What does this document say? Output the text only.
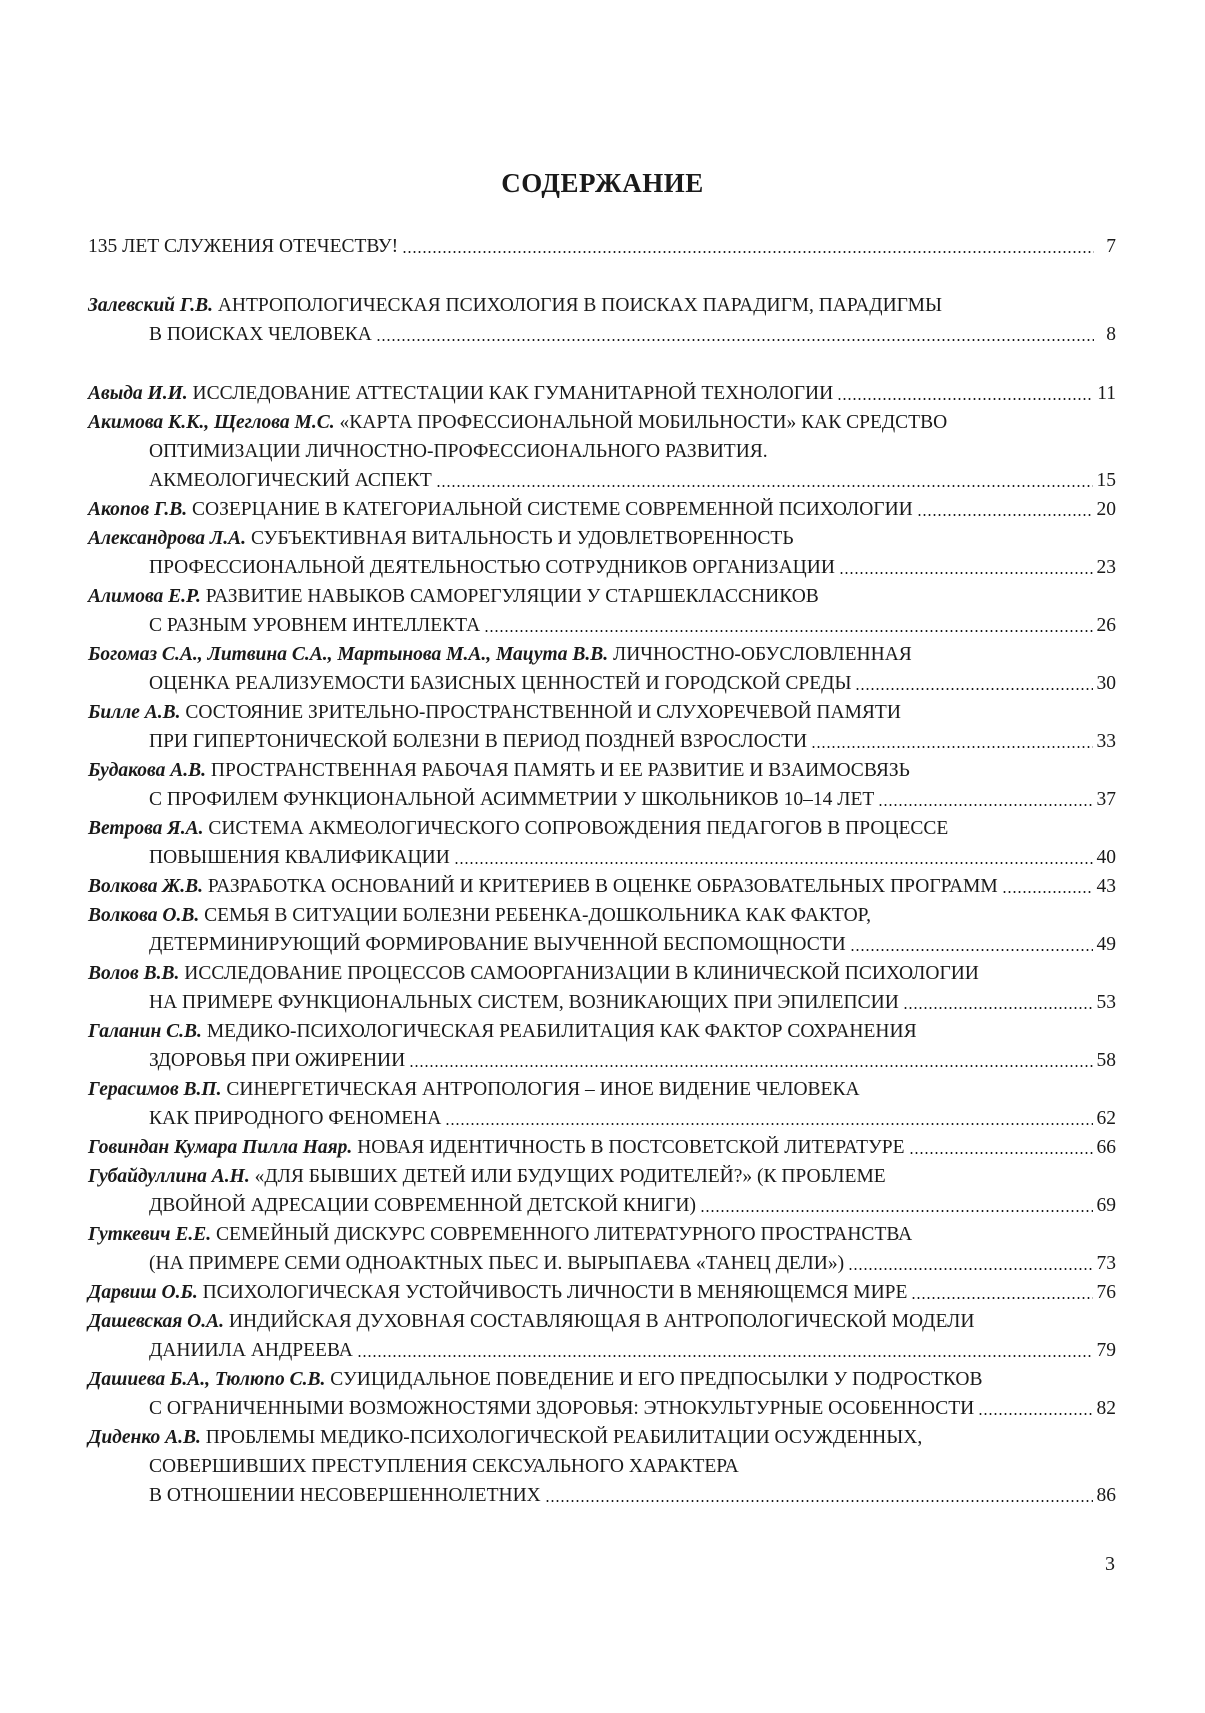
СОДЕРЖАНИЕ
135 ЛЕТ СЛУЖЕНИЯ ОТЕЧЕСТВУ!	7
Залевский Г.В. АНТРОПОЛОГИЧЕСКАЯ ПСИХОЛОГИЯ В ПОИСКАХ ПАРАДИГМ, ПАРАДИГМЫ
В ПОИСКАХ ЧЕЛОВЕКА	8
Авыда И.И. ИССЛЕДОВАНИЕ АТТЕСТАЦИИ КАК ГУМАНИТАРНОЙ ТЕХНОЛОГИИ	11
Акимова К.К., Щеглова М.С. «КАРТА ПРОФЕССИОНАЛЬНОЙ МОБИЛЬНОСТИ» КАК СРЕДСТВО
ОПТИМИЗАЦИИ ЛИЧНОСТНО-ПРОФЕССИОНАЛЬНОГО РАЗВИТИЯ.
АКМЕОЛОГИЧЕСКИЙ АСПЕКТ	15
Акопов Г.В. СОЗЕРЦАНИЕ В КАТЕГОРИАЛЬНОЙ СИСТЕМЕ СОВРЕМЕННОЙ ПСИХОЛОГИИ	20
Александрова Л.А. СУБЪЕКТИВНАЯ ВИТАЛЬНОСТЬ И УДОВЛЕТВОРЕННОСТЬ
ПРОФЕССИОНАЛЬНОЙ ДЕЯТЕЛЬНОСТЬЮ СОТРУДНИКОВ ОРГАНИЗАЦИИ	23
Алимова Е.Р. РАЗВИТИЕ НАВЫКОВ САМОРЕГУЛЯЦИИ У СТАРШЕКЛАССНИКОВ
С РАЗНЫМ УРОВНЕМ ИНТЕЛЛЕКТА	26
Богомаз С.А., Литвина С.А., Мартынова М.А., Мацута В.В. ЛИЧНОСТНО-ОБУСЛОВЛЕННАЯ
ОЦЕНКА РЕАЛИЗУЕМОСТИ БАЗИСНЫХ ЦЕННОСТЕЙ И ГОРОДСКОЙ СРЕДЫ	30
Билле А.В. СОСТОЯНИЕ ЗРИТЕЛЬНО-ПРОСТРАНСТВЕННОЙ И СЛУХОРЕЧЕВОЙ ПАМЯТИ
ПРИ ГИПЕРТОНИЧЕСКОЙ БОЛЕЗНИ В ПЕРИОД ПОЗДНЕЙ ВЗРОСЛОСТИ	33
Будакова А.В. ПРОСТРАНСТВЕННАЯ РАБОЧАЯ ПАМЯТЬ И ЕЕ РАЗВИТИЕ И ВЗАИМОСВЯЗЬ
С ПРОФИЛЕМ ФУНКЦИОНАЛЬНОЙ АСИММЕТРИИ У ШКОЛЬНИКОВ 10–14 ЛЕТ	37
Ветрова Я.А. СИСТЕМА АКМЕОЛОГИЧЕСКОГО СОПРОВОЖДЕНИЯ ПЕДАГОГОВ В ПРОЦЕССЕ
ПОВЫШЕНИЯ КВАЛИФИКАЦИИ	40
Волкова Ж.В. РАЗРАБОТКА ОСНОВАНИЙ И КРИТЕРИЕВ В ОЦЕНКЕ ОБРАЗОВАТЕЛЬНЫХ ПРОГРАММ	43
Волкова О.В. СЕМЬЯ В СИТУАЦИИ БОЛЕЗНИ РЕБЕНКА-ДОШКОЛЬНИКА КАК ФАКТОР,
ДЕТЕРМИНИРУЮЩИЙ ФОРМИРОВАНИЕ ВЫУЧЕННОЙ БЕСПОМОЩНОСТИ	49
Волов В.В. ИССЛЕДОВАНИЕ ПРОЦЕССОВ САМООРГАНИЗАЦИИ В КЛИНИЧЕСКОЙ ПСИХОЛОГИИ
НА ПРИМЕРЕ ФУНКЦИОНАЛЬНЫХ СИСТЕМ, ВОЗНИКАЮЩИХ ПРИ ЭПИЛЕПСИИ	53
Галанин С.В. МЕДИКО-ПСИХОЛОГИЧЕСКАЯ РЕАБИЛИТАЦИЯ КАК ФАКТОР СОХРАНЕНИЯ
ЗДОРОВЬЯ ПРИ ОЖИРЕНИИ	58
Герасимов В.П. СИНЕРГЕТИЧЕСКАЯ АНТРОПОЛОГИЯ – ИНОЕ ВИДЕНИЕ ЧЕЛОВЕКА
КАК ПРИРОДНОГО ФЕНОМЕНА	62
Говиндан Кумара Пилла Наяр. НОВАЯ ИДЕНТИЧНОСТЬ В ПОСТСОВЕТСКОЙ ЛИТЕРАТУРЕ	66
Губайдуллина А.Н. «ДЛЯ БЫВШИХ ДЕТЕЙ ИЛИ БУДУЩИХ РОДИТЕЛЕЙ?» (К ПРОБЛЕМЕ
ДВОЙНОЙ АДРЕСАЦИИ СОВРЕМЕННОЙ ДЕТСКОЙ КНИГИ)	69
Гуткевич Е.Е. СЕМЕЙНЫЙ ДИСКУРС СОВРЕМЕННОГО ЛИТЕРАТУРНОГО ПРОСТРАНСТВА
(НА ПРИМЕРЕ СЕМИ ОДНОАКТНЫХ ПЬЕС И. ВЫРЫПАЕВА «ТАНЕЦ ДЕЛИ»)	73
Дарвиш О.Б. ПСИХОЛОГИЧЕСКАЯ УСТОЙЧИВОСТЬ ЛИЧНОСТИ В МЕНЯЮЩЕМСЯ МИРЕ	76
Дашевская О.А. ИНДИЙСКАЯ ДУХОВНАЯ СОСТАВЛЯЮЩАЯ В АНТРОПОЛОГИЧЕСКОЙ МОДЕЛИ
ДАНИИЛА АНДРЕЕВА	79
Дашиева Б.А., Тюлюпо С.В. СУИЦИДАЛЬНОЕ ПОВЕДЕНИЕ И ЕГО ПРЕДПОСЫЛКИ У ПОДРОСТКОВ
С ОГРАНИЧЕННЫМИ ВОЗМОЖНОСТЯМИ ЗДОРОВЬЯ: ЭТНОКУЛЬТУРНЫЕ ОСОБЕННОСТИ	82
Диденко А.В. ПРОБЛЕМЫ МЕДИКО-ПСИХОЛОГИЧЕСКОЙ РЕАБИЛИТАЦИИ ОСУЖДЕННЫХ,
СОВЕРШИВШИХ ПРЕСТУПЛЕНИЯ СЕКСУАЛЬНОГО ХАРАКТЕРА
В ОТНОШЕНИИ НЕСОВЕРШЕННОЛЕТНИХ	86
3
